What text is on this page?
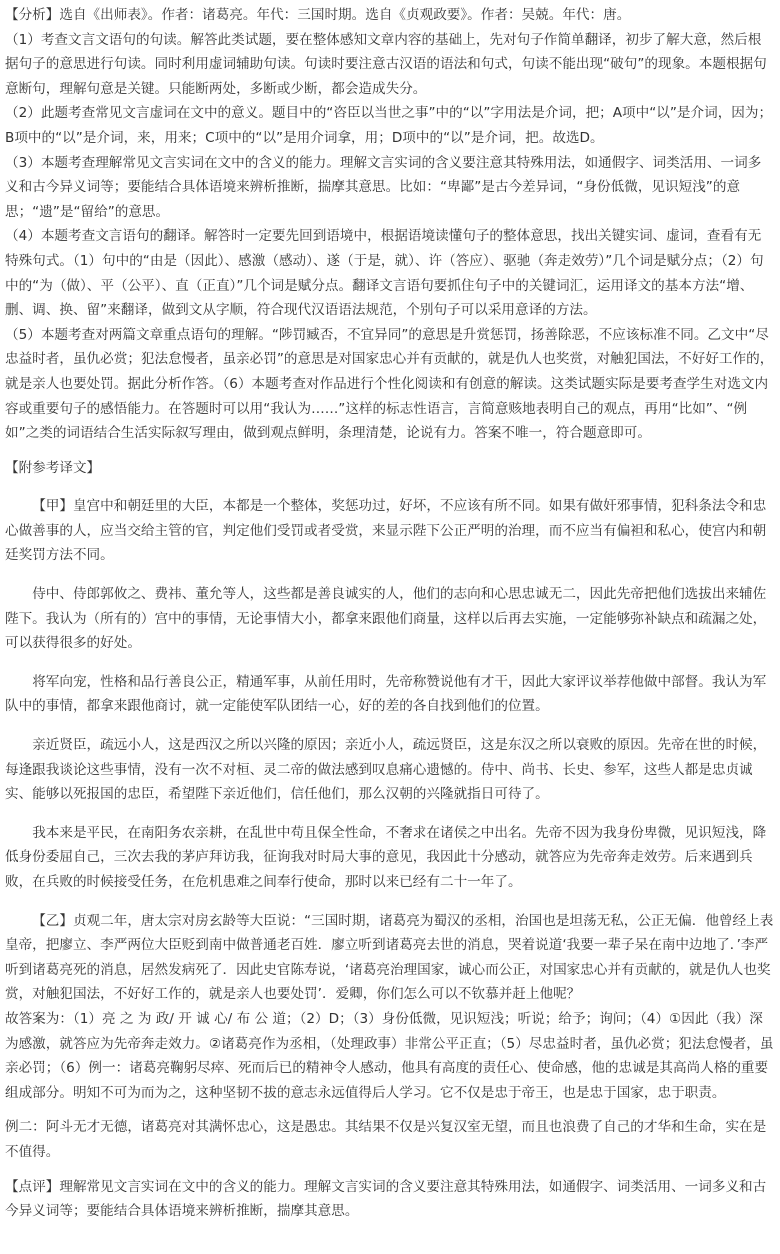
【分析】选自《出师表》。作者：诸葛亮。年代：三国时期。选自《贞观政要》。作者：吴兢。年代：唐。

（1）考查文言文语句的句读。解答此类试题，要在整体感知文章内容的基础上，先对句子作简单翻译，初步了解大意，然后根据句子的意思进行句读。同时利用虚词辅助句读。句读时要注意古汉语的语法和句式，句读不能出现“破句”的现象。本题根据句意断句，理解句意是关键。只能断两处，多断或少断，都会造成失分。

（2）此题考查常见文言虚词在文中的意义。题目中的“咨臣以当世之事”中的“以”字用法是介词，把；A项中“以”是介词，因为；B项中的“以”是介词，来，用来；C项中的“以”是用介词拿，用；D项中的“以”是介词，把。故选D。

（3）本题考查理解常见文言实词在文中的含义的能力。理解文言实词的含义要注意其特殊用法，如通假字、词类活用、一词多义和古今异义词等；要能结合具体语境来辨析推断，揣摩其意思。比如：“卑鄙”是古今差异词，“身份低微，见识短浅”的意思；“遗”是“留给”的意思。

（4）本题考查文言语句的翻译。解答时一定要先回到语境中，根据语境读懂句子的整体意思，找出关键实词、虚词，查看有无特殊句式。（1）句中的“由是（因此）、感激（感动）、遂（于是，就）、许（答应）、驱驰（奔走效劳）”几个词是赋分点；（2）句中的“为（做）、平（公平）、直（正直）”几个词是赋分点。翻译文言语句要抓住句子中的关键词汇，运用译文的基本方法“增、删、调、换、留”来翻译，做到文从字顺，符合现代汉语语法规范，个别句子可以采用意译的方法。

（5）本题考查对两篇文章重点语句的理解。“陟罚臧否，不宜异同”的意思是升赏惩罚，扬善除恶，不应该标准不同。乙文中“尽忠益时者，虽仇必赏；犯法怠慢者，虽亲必罚”的意思是对国家忠心并有贡献的，就是仇人也奖赏，对触犯国法，不好好工作的，就是亲人也要处罚。据此分析作答。（6）本题考查对作品进行个性化阅读和有创意的解读。这类试题实际是要考查学生对选文内容或重要句子的感悟能力。在答题时可以用“我认为……”这样的标志性语言，言简意赅地表明自己的观点，再用“比如”、“例如”之类的词语结合生活实际叙写理由，做到观点鲜明，条理清楚，论说有力。答案不唯一，符合题意即可。

【附参考译文】

【甲】皇宫中和朝廷里的大臣，本都是一个整体，奖惩功过，好坏，不应该有所不同。如果有做奸邪事情，犯科条法令和忠心做善事的人，应当交给主管的官，判定他们受罚或者受赏，来显示陛下公正严明的治理，而不应当有偏袒和私心，使宫内和朝廷奖罚方法不同。

侍中、侍郎郭攸之、费祎、董允等人，这些都是善良诚实的人，他们的志向和心思忠诚无二，因此先帝把他们选拔出来辅佐陛下。我认为（所有的）宫中的事情，无论事情大小，都拿来跟他们商量，这样以后再去实施，一定能够弥补缺点和疏漏之处，可以获得很多的好处。

将军向宠，性格和品行善良公正，精通军事，从前任用时，先帝称赞说他有才干，因此大家评议举荐他做中部督。我认为军队中的事情，都拿来跟他商讨，就一定能使军队团结一心，好的差的各自找到他们的位置。

亲近贤臣，疏远小人，这是西汉之所以兴隆的原因；亲近小人，疏远贤臣，这是东汉之所以衰败的原因。先帝在世的时候，每逢跟我谈论这些事情，没有一次不对桓、灵二帝的做法感到叹息痛心遗憾的。侍中、尚书、长史、参军，这些人都是忠贞诚实、能够以死报国的忠臣，希望陛下亲近他们，信任他们，那么汉朝的兴隆就指日可待了。

我本来是平民，在南阳务农亲耕，在乱世中苟且保全性命，不奢求在诸侯之中出名。先帝不因为我身份卑微，见识短浅，降低身份委屈自己，三次去我的茅庐拜访我，征询我对时局大事的意见，我因此十分感动，就答应为先帝奔走效劳。后来遇到兵败，在兵败的时候接受任务，在危机患难之间奉行使命，那时以来已经有二十一年了。

【乙】贞观二年，唐太宗对房玄龄等大臣说：“三国时期，诸葛亮为蜀汉的丞相，治国也是坦荡无私，公正无偏．他曾经上表皇帝，把廖立、李严两位大臣贬到南中做普通老百姓．廖立听到诸葛亮去世的消息，哭着说道‘我要一辈子呆在南中边地了．’李严听到诸葛亮死的消息，居然发病死了．因此史官陈寿说，‘诸葛亮治理国家，诚心而公正，对国家忠心并有贡献的，就是仇人也奖赏，对触犯国法，不好好工作的，就是亲人也要处罚’．爱卿，你们怎么可以不钦慕并赶上他呢？

故答案为：（1）亮 之 为 政/ 开 诚 心/ 布 公 道；（2）D；（3）身份低微，见识短浅；听说；给予；询问；（4）①因此（我）深为感激，就答应为先帝奔走效力。②诸葛亮作为丞相，（处理政事）非常公平正直；（5）尽忠益时者，虽仇必赏；犯法怠慢者，虽亲必罚；（6）例一：诸葛亮鞠躬尽瘁、死而后已的精神令人感动，他具有高度的责任心、使命感，他的忠诚是其高尚人格的重要组成部分。明知不可为而为之，这种坚韧不拔的意志永远值得后人学习。它不仅是忠于帝王，也是忠于国家，忠于职责。

例二：阿斗无才无德，诸葛亮对其满怀忠心，这是愚忠。其结果不仅是兴复汉室无望，而且也浪费了自己的才华和生命，实在是不值得。

【点评】理解常见文言实词在文中的含义的能力。理解文言实词的含义要注意其特殊用法，如通假字、词类活用、一词多义和古今异义词等；要能结合具体语境来辨析推断，揣摩其意思。
